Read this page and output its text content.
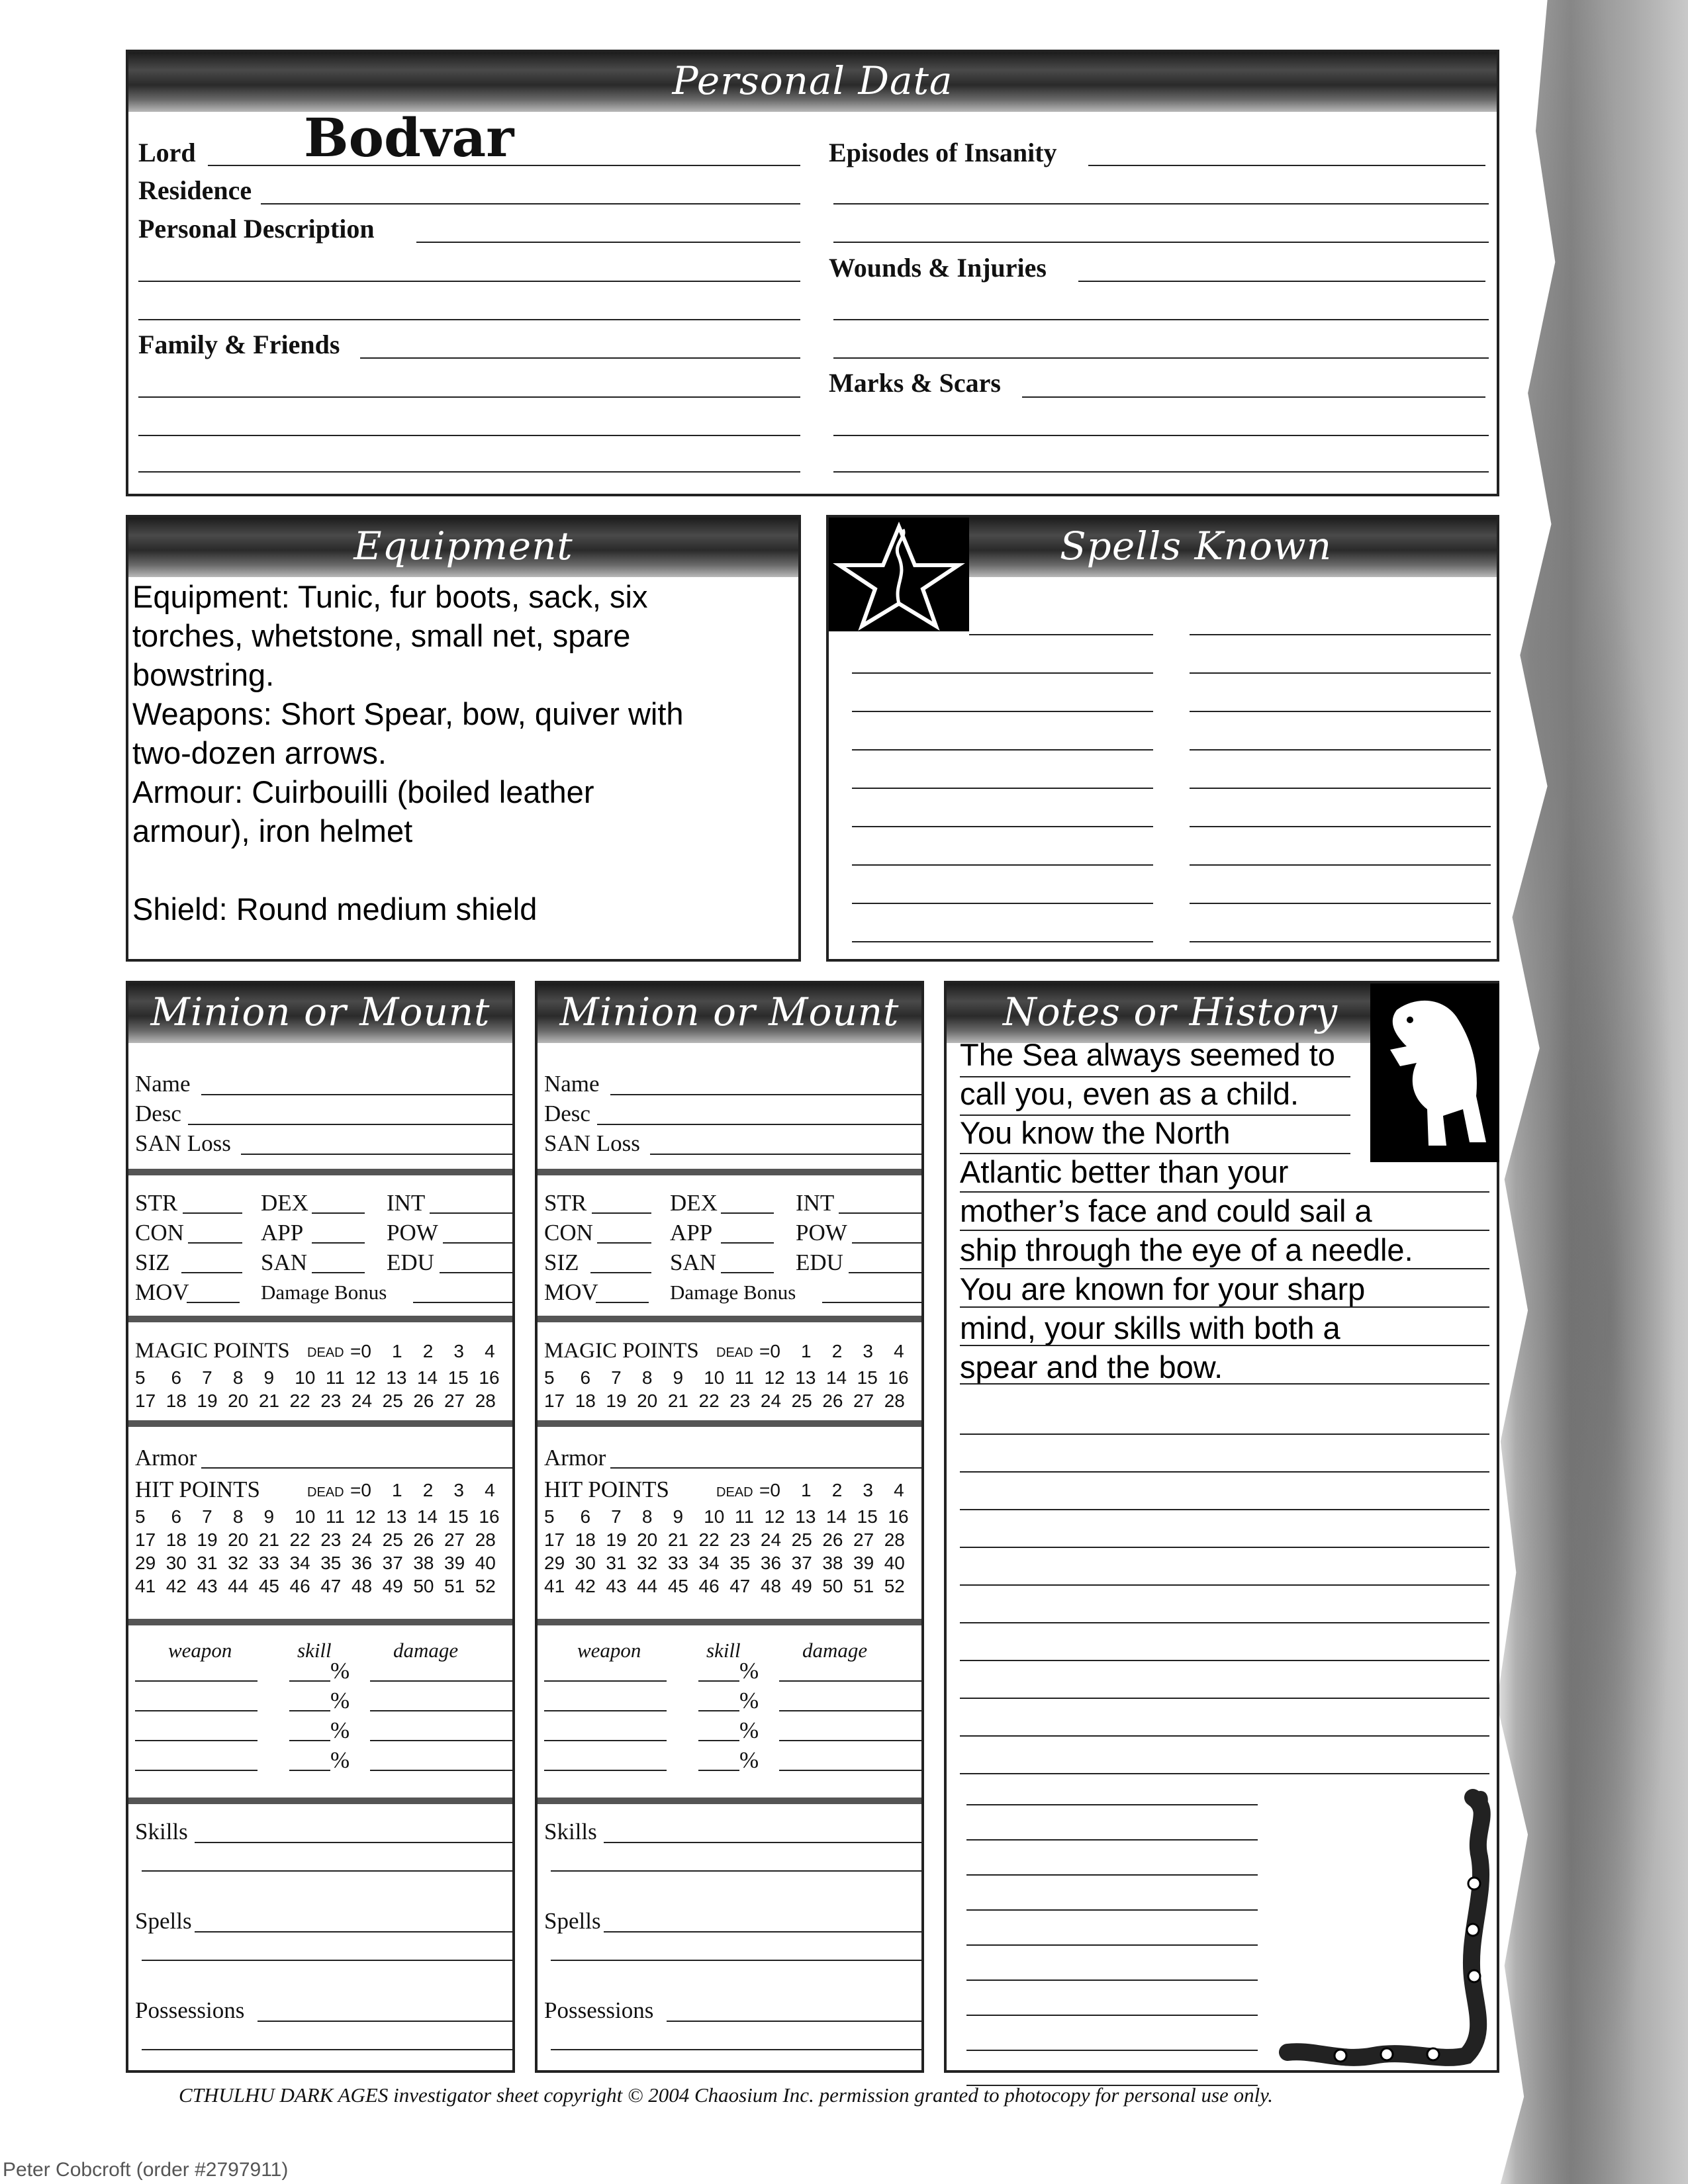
Personal Data
Lord Bodvar
Residence
Personal Description
Family & Friends
Episodes of Insanity
Wounds & Injuries
Marks & Scars
Equipment
Equipment: Tunic, fur boots, sack, six
torches, whetstone, small net, spare
bowstring.
Weapons: Short Spear, bow, quiver with
two-dozen arrows.
Armour: Cuirbouilli (boiled leather
armour), iron helmet
Shield: Round medium shield
Spells Known
Minion or Mount
Name
Desc
SAN Loss
STR	DEX	INT
CON	APP	POW
SIZ	SAN	EDU
MOV	Damage Bonus
MAGIC POINTS DEAD =0    1    2    3    4
5     6    7    8    9    10  11  12  13  14  15  16
17  18  19  20  21  22  23  24  25  26  27  28
Armor
HIT POINTS	DEAD =0    1    2    3    4
5     6    7    8    9    10  11  12  13  14  15  16
17  18  19  20  21  22  23  24  25  26  27  28
29  30  31  32  33  34  35  36  37  38  39  40
41  42  43  44  45  46  47  48  49  50  51  52
weapon	skill	damage
%
%
%
%
Skills
Spells
Possessions
Minion or Mount
Name
Desc
SAN Loss
STR	DEX	INT
CON	APP	POW
SIZ	SAN	EDU
MOV	Damage Bonus
MAGIC POINTS DEAD =0    1    2    3    4
5     6    7    8    9    10  11  12  13  14  15  16
17  18  19  20  21  22  23  24  25  26  27  28
Armor
HIT POINTS	DEAD =0    1    2    3    4
5     6    7    8    9    10  11  12  13  14  15  16
17  18  19  20  21  22  23  24  25  26  27  28
29  30  31  32  33  34  35  36  37  38  39  40
41  42  43  44  45  46  47  48  49  50  51  52
weapon	skill	damage
%
%
%
%
Skills
Spells
Possessions
Notes or History
The Sea always seemed to
call you, even as a child.
You know the North
Atlantic better than your
mother’s face and could sail a
ship through the eye of a needle.
You are known for your sharp
mind, your skills with both a
spear and the bow.
CTHULHU DARK AGES investigator sheet copyright © 2004 Chaosium Inc. permission granted to photocopy for personal use only.
Peter Cobcroft (order #2797911)
